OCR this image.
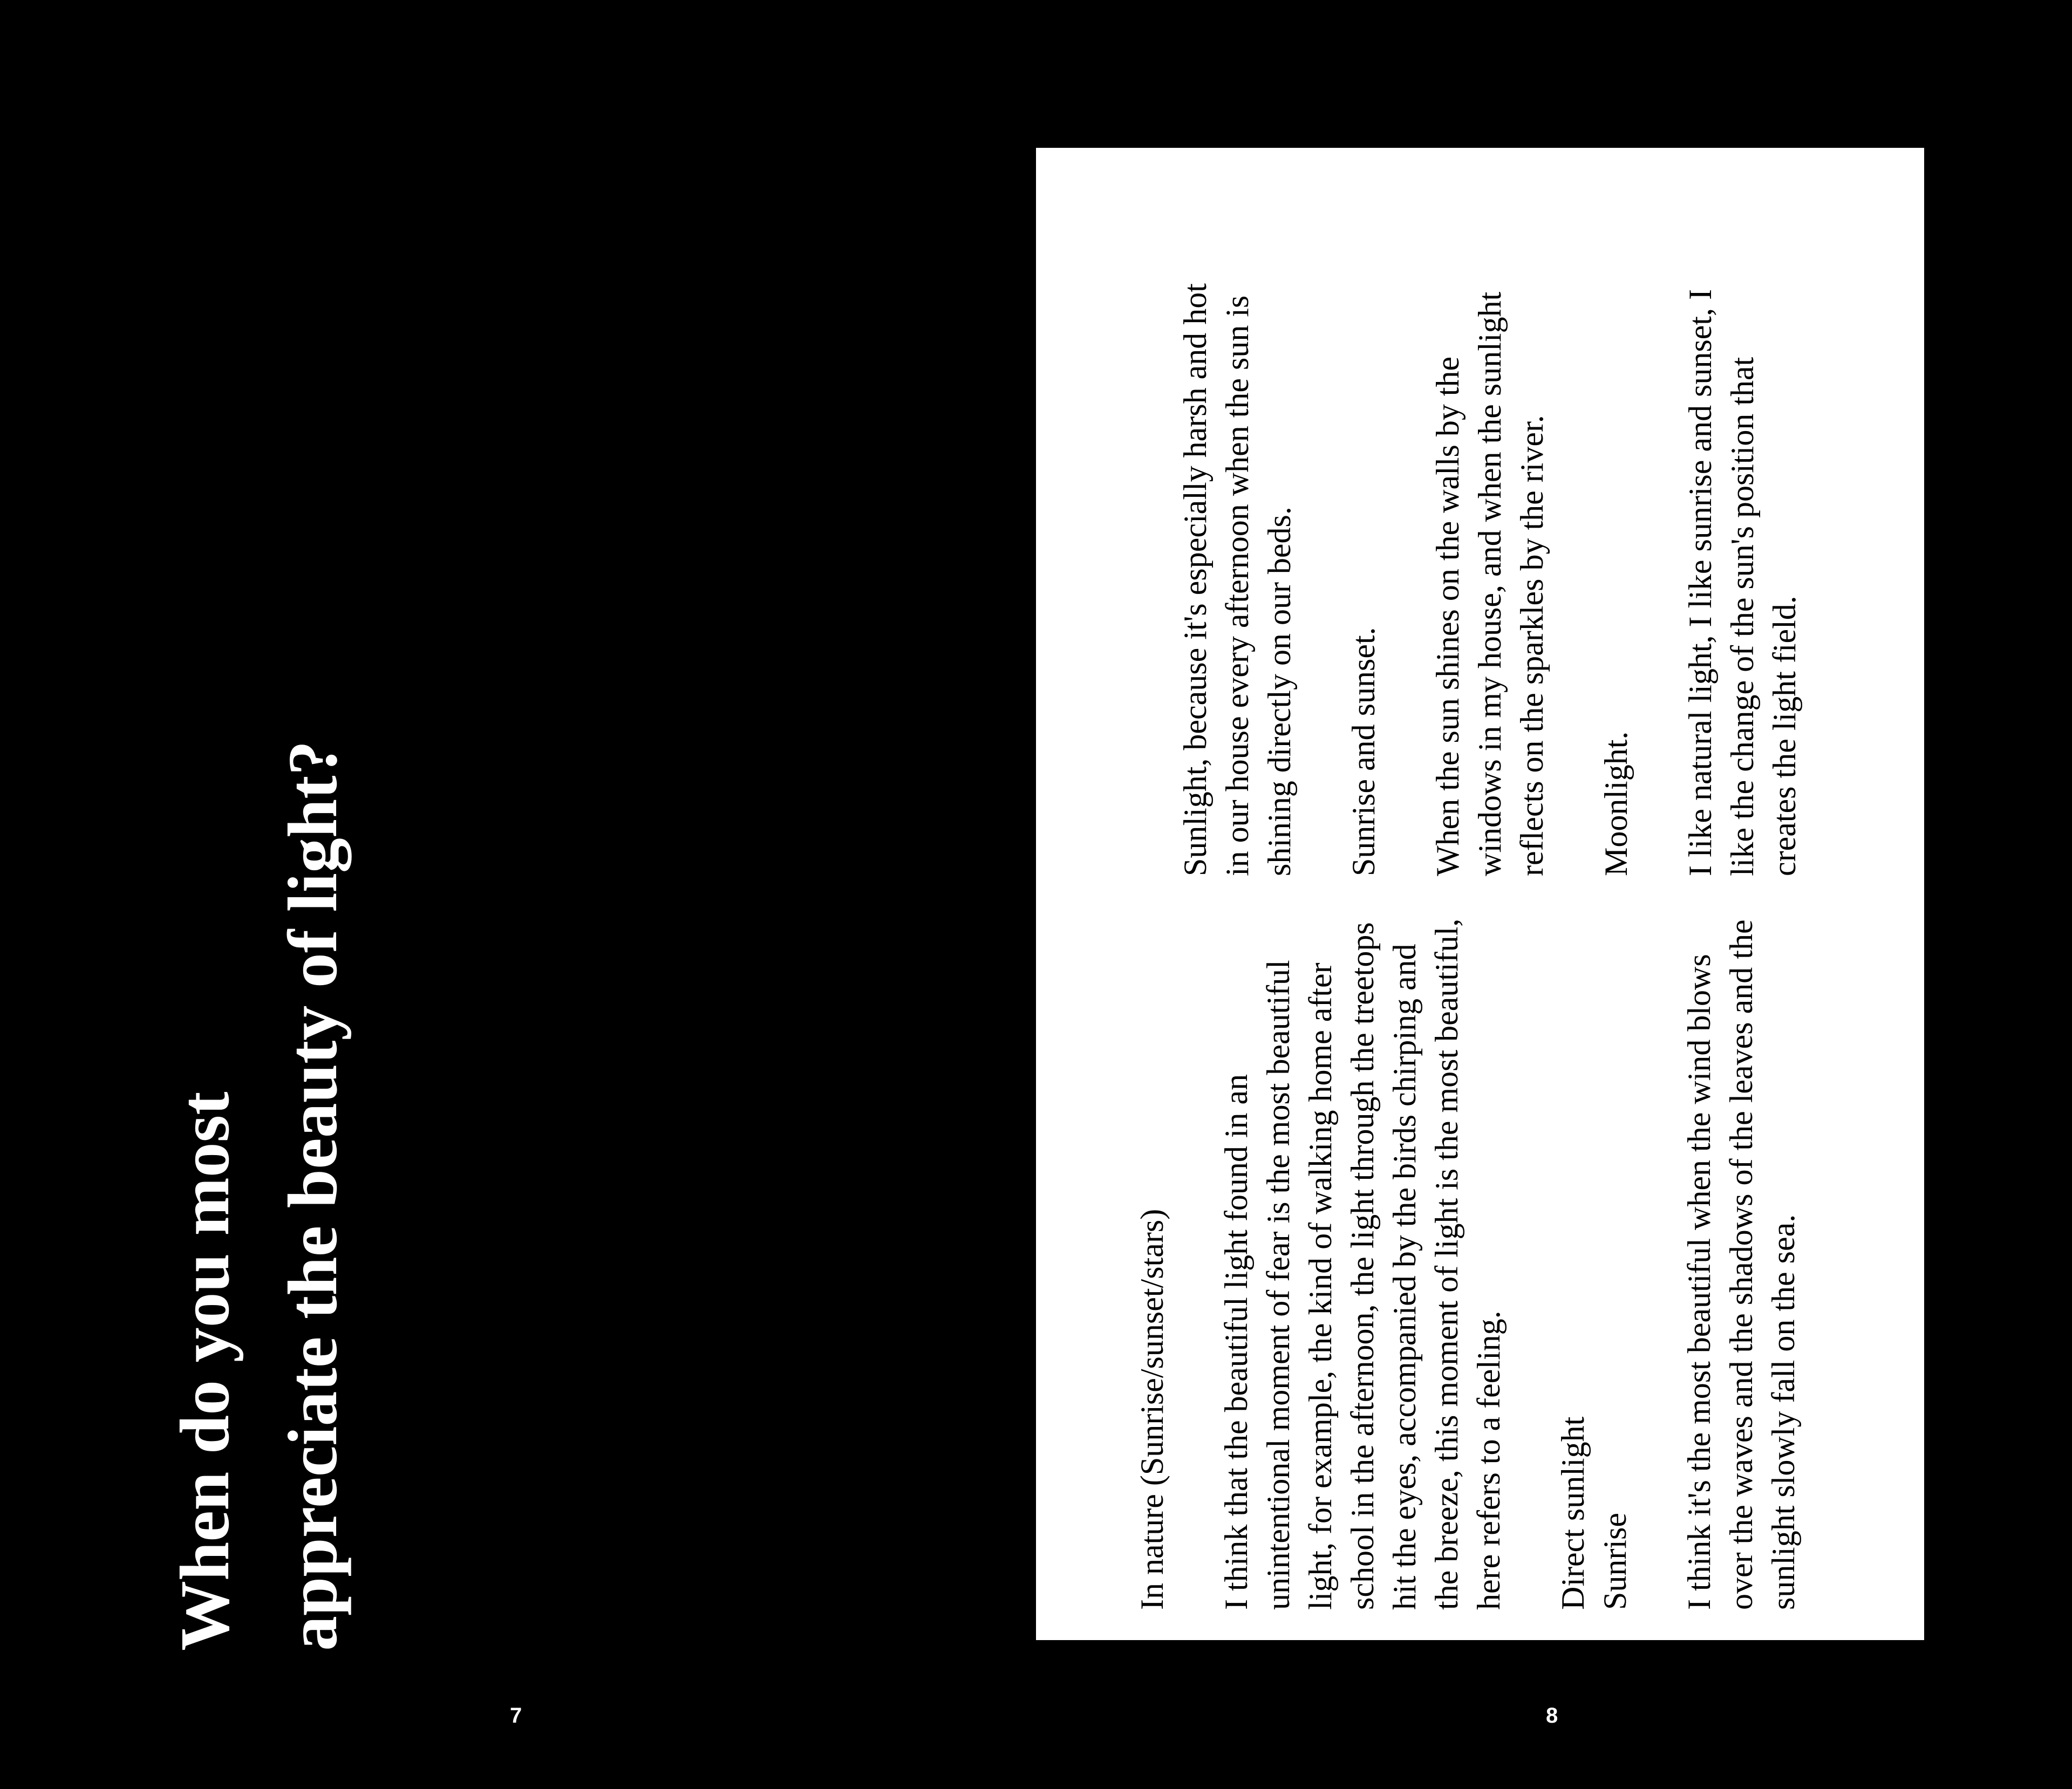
When do you most appreciate the beauty of light?
7

In nature (Sunrise/sunset/stars) I think that the beautiful light found in an unintentional moment of fear is the most beautiful light, for example, the kind of walking home after school in the afternoon, the light through the treetops hit the eyes, accompanied by the birds chirping and the breeze, this moment of light is the most beautiful, here refers to a feeling. Direct sunlight
Sunrise I think it's the most beautiful when the wind blows over the waves and the shadows of the leaves and the sunlight slowly fall on the sea.

Sunlight, because it's especially harsh and hot in our house every afternoon when the sun is shining directly on our beds. Sunrise and sunset. When the sun shines on the walls by the windows in my house, and when the sunlight reflects on the sparkles by the river. Moonlight. I like natural light, I like sunrise and sunset, I like the change of the sun's position that creates the light field.

8
